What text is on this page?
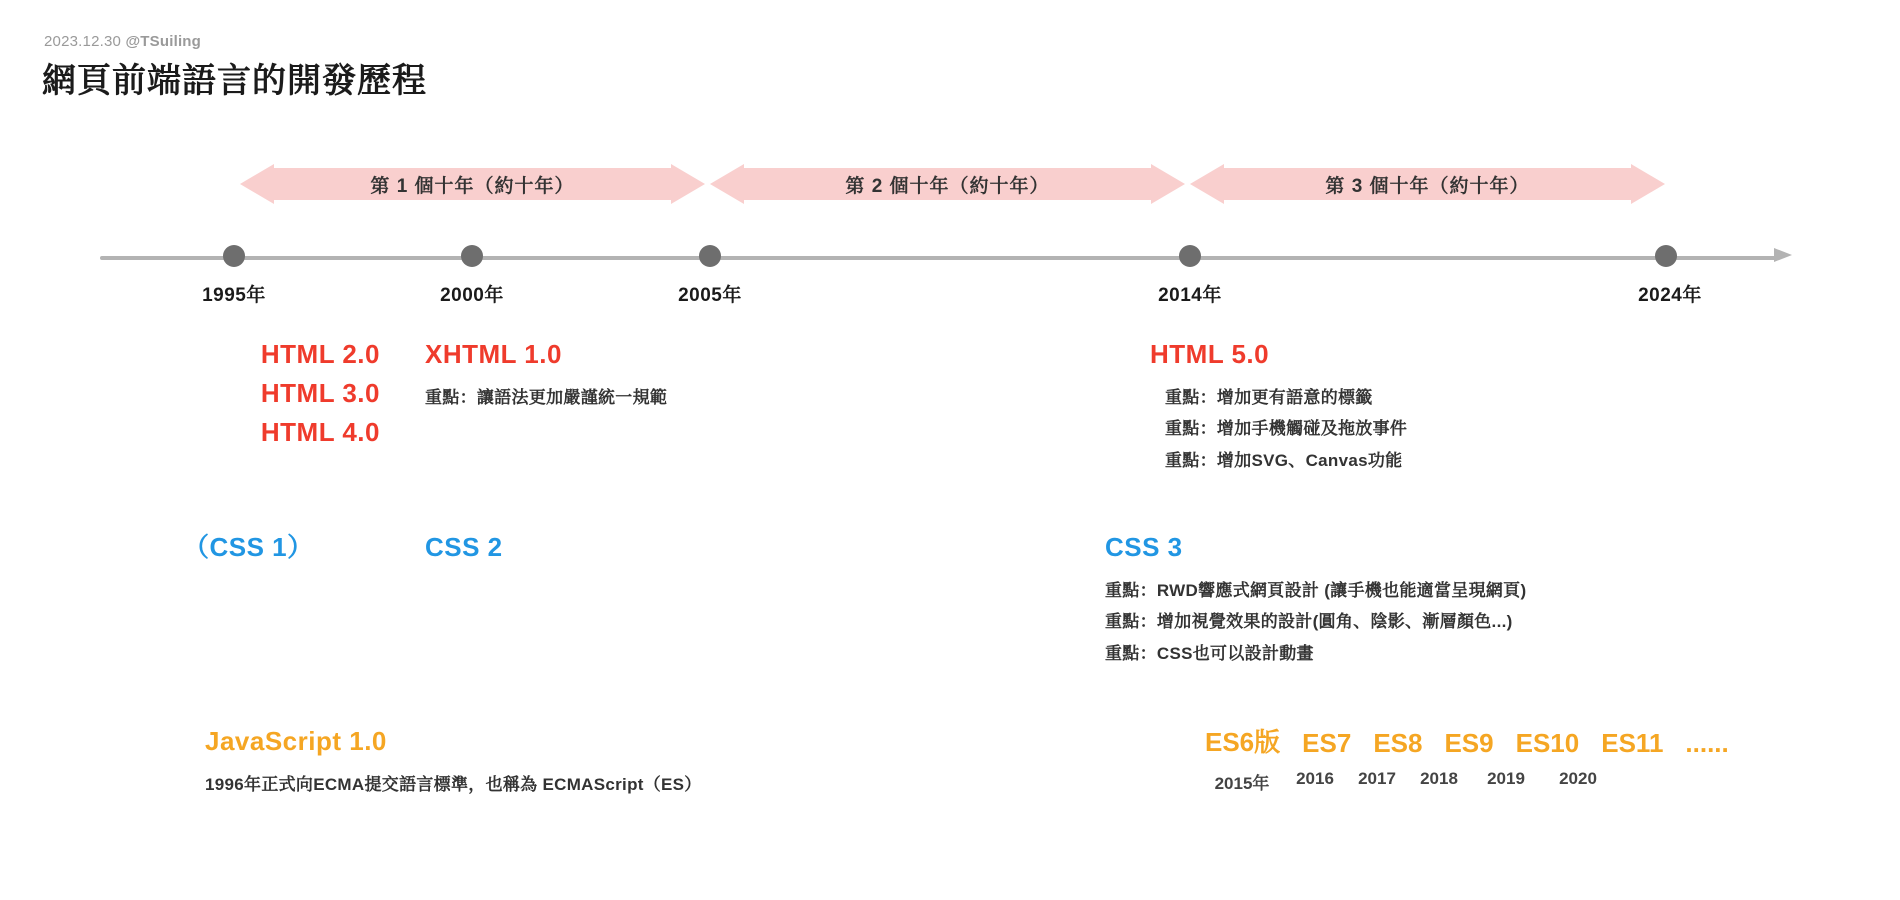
2023.12.30 @TSuiling
網頁前端語言的開發歷程
第 1 個十年（約十年）	第 2 個十年（約十年）	第 3 個十年（約十年）
1995年	2000年	2005年	2014年	2024年
HTML 2.0
HTML 3.0
HTML 4.0
XHTML 1.0
重點：讓語法更加嚴謹統一規範
HTML 5.0
重點：增加更有語意的標籤
重點：增加手機觸碰及拖放事件
重點：增加SVG、Canvas功能
（CSS 1）	CSS 2	CSS 3
重點：RWD響應式網頁設計 (讓手機也能適當呈現網頁)
重點：增加視覺效果的設計(圓角、陰影、漸層顏色...)
重點：CSS也可以設計動畫
JavaScript 1.0
1996年正式向ECMA提交語言標準，也稱為 ECMAScript（ES）
ES6版 ES7 ES8 ES9 ES10 ES11 ......
2015年	2016	2017	2018	2019	2020
